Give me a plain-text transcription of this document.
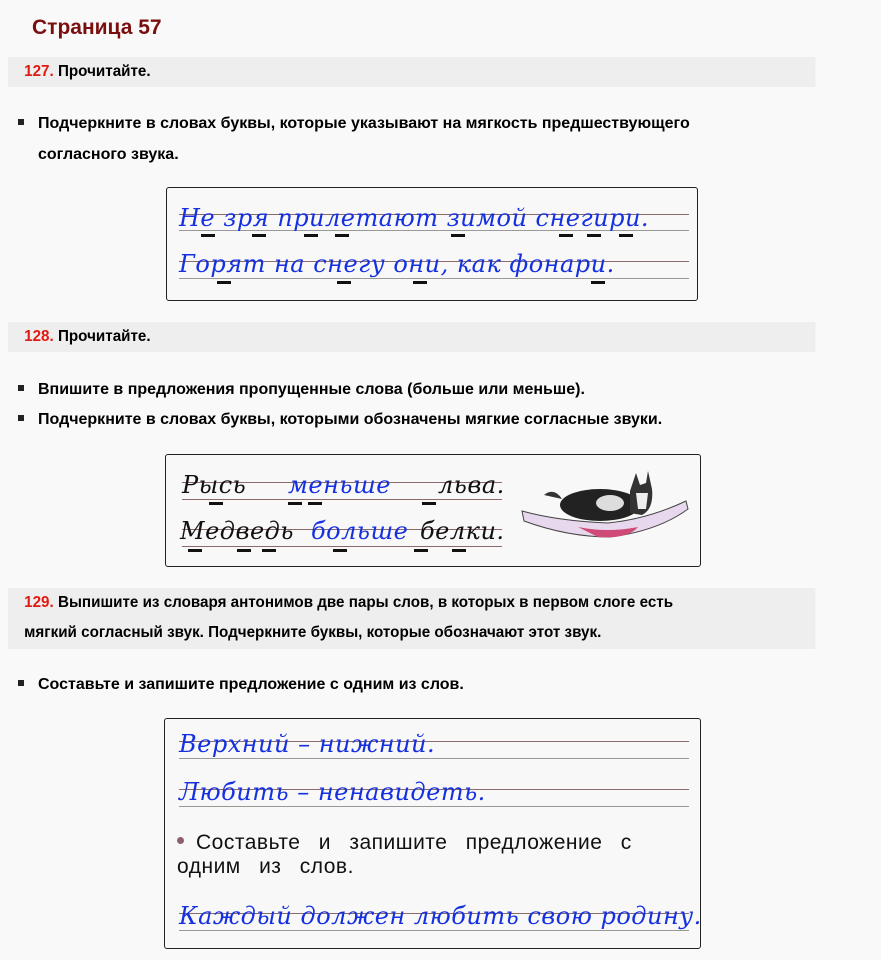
Страница 57
127. Прочитайте.
Подчеркните в словах буквы, которые указывают на мягкость предшествующего
согласного звука.
Не зря прилетают зимой снегири.
Горят на снегу они, как фонари.
128. Прочитайте.
Впишите в предложения пропущенные слова (больше или меньше).
Подчеркните в словах буквы, которыми обозначены мягкие согласные звуки.
Рысь меньше льва.
Медведь больше белки.
129. Выпишите из словаря антонимов две пары слов, в которых в первом слоге есть
мягкий согласный звук. Подчеркните буквы, которые обозначают этот звук.
Составьте и запишите предложение с одним из слов.
Верхний – нижний.
Любить – ненавидеть.
Составьте и запишите предложение с
одним из слов.
Каждый должен любить свою родину.
